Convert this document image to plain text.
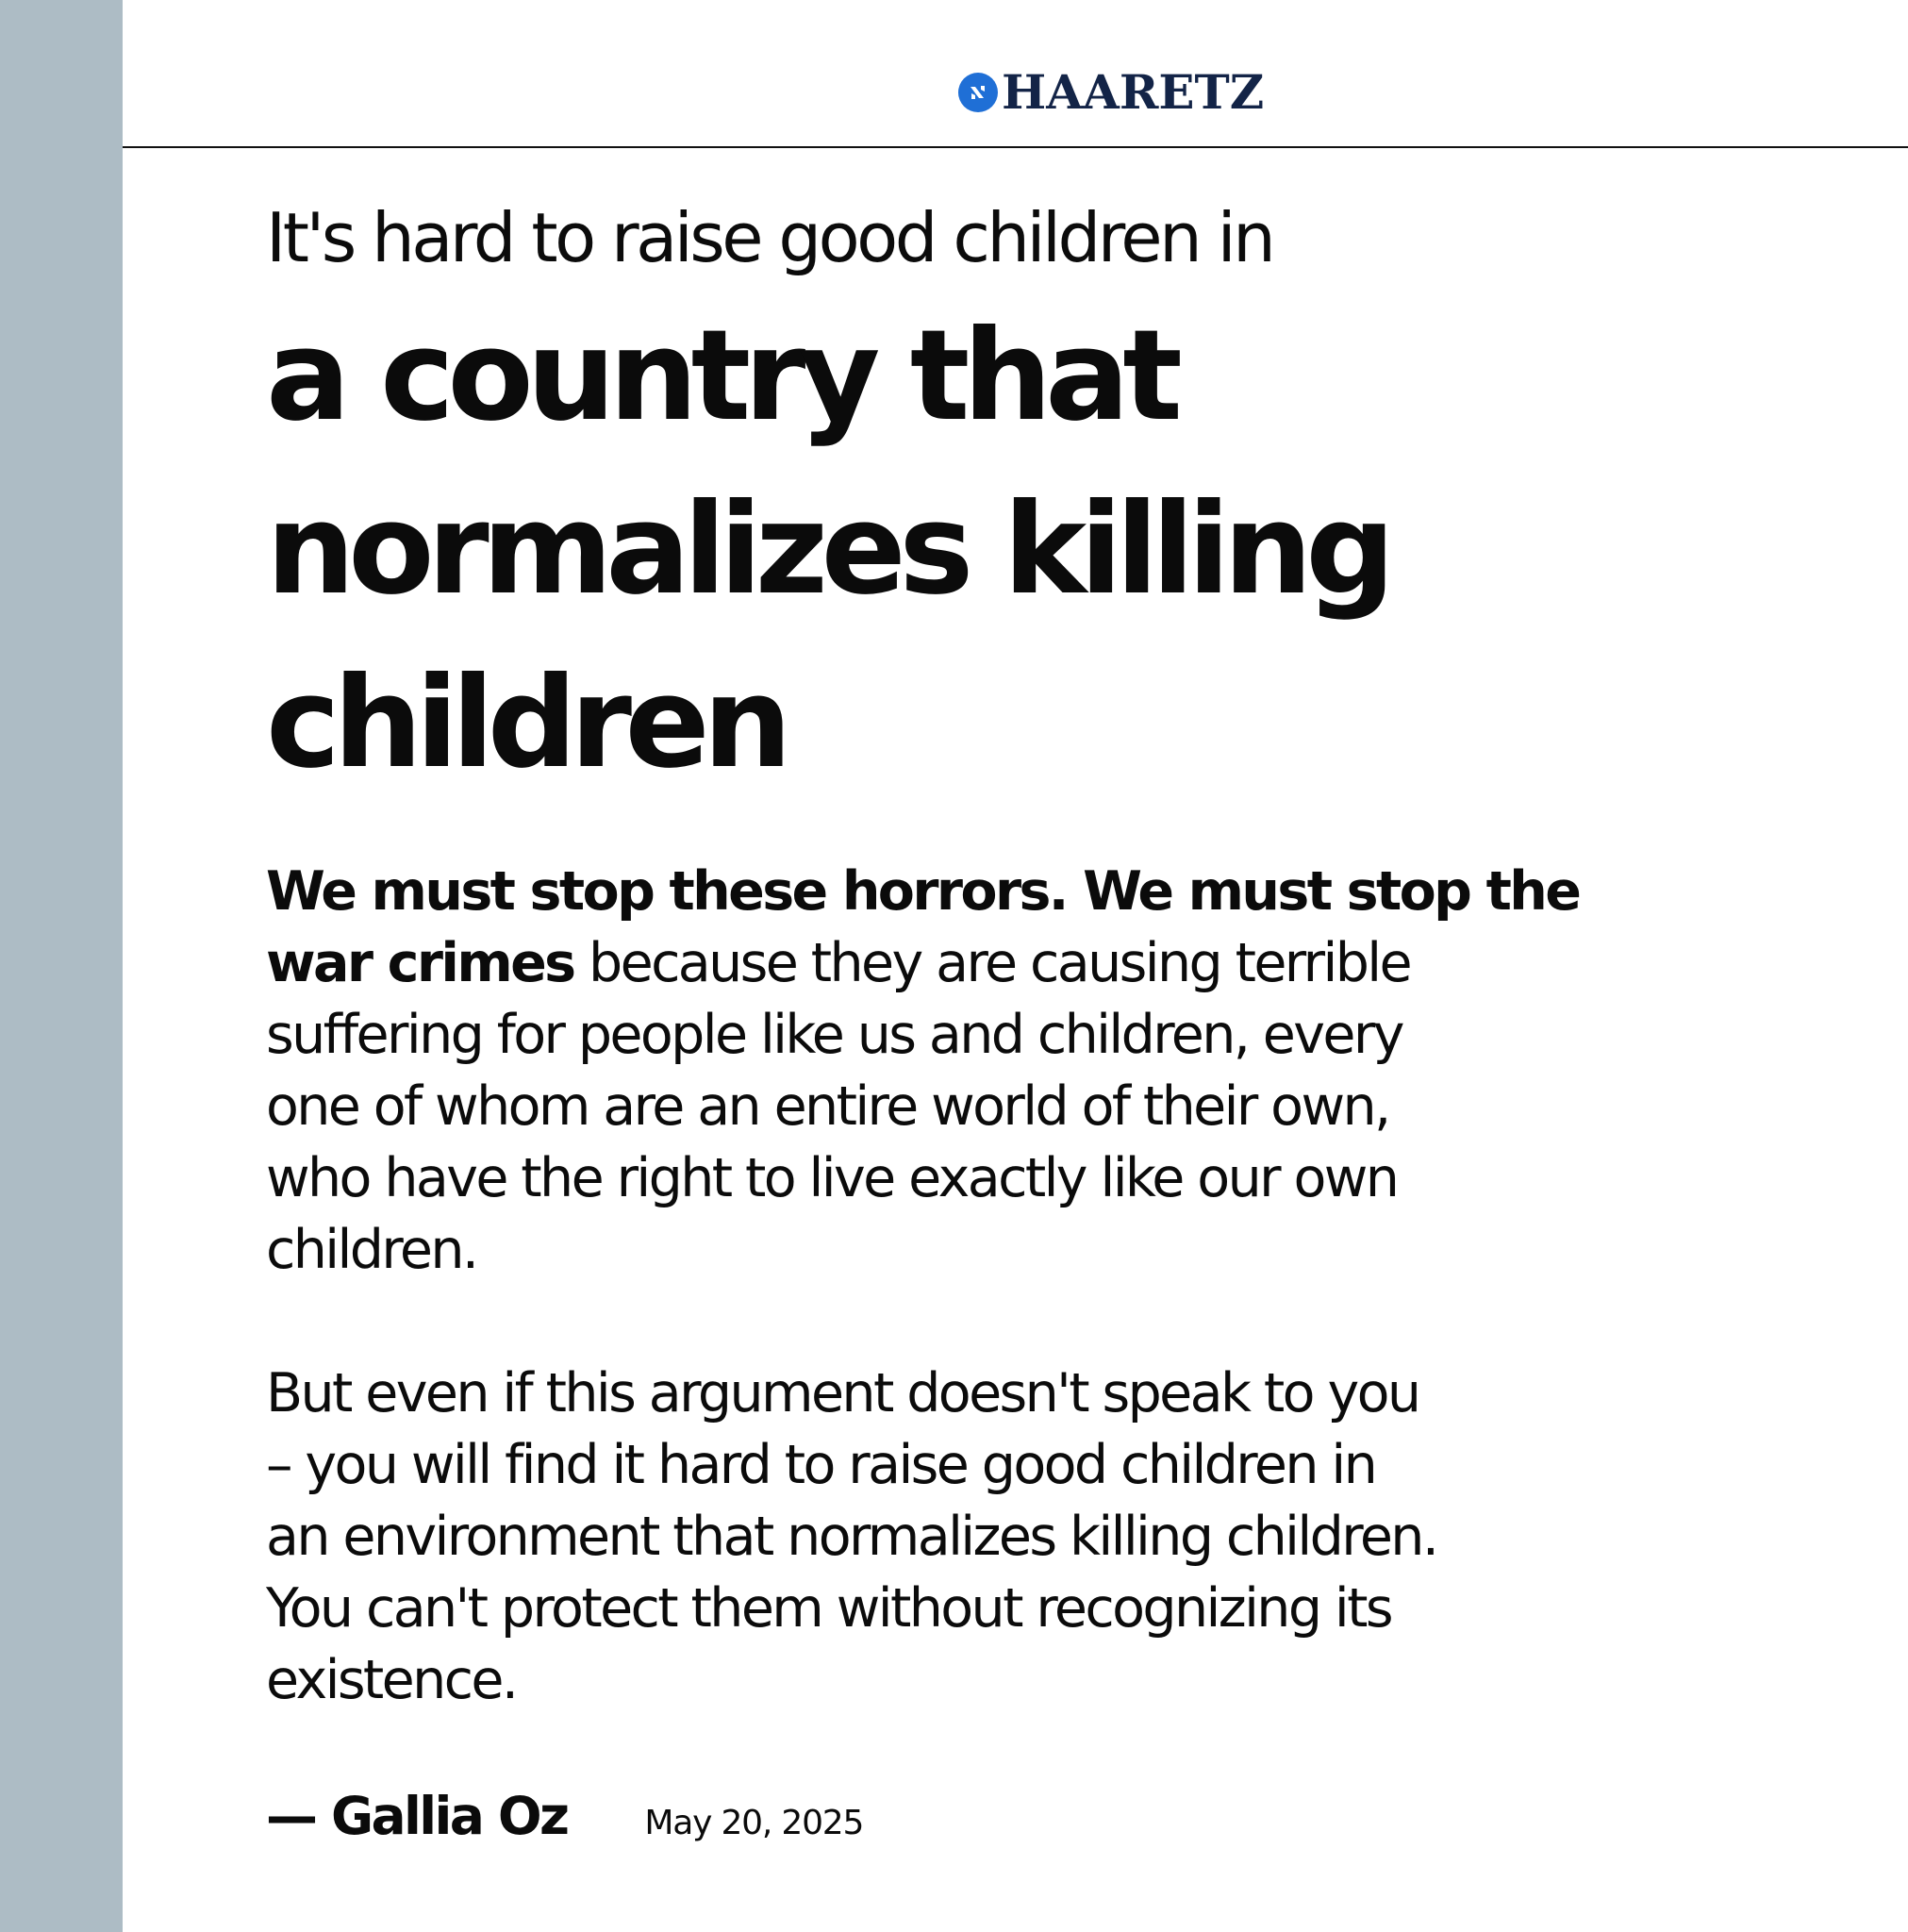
HAARETZ
It's hard to raise good children in
a country that
normalizes killing
children

We must stop these horrors. We must stop the
war crimes because they are causing terrible
suffering for people like us and children, every
one of whom are an entire world of their own,
who have the right to live exactly like our own
children.

But even if this argument doesn't speak to you
– you will find it hard to raise good children in
an environment that normalizes killing children.
You can't protect them without recognizing its
existence.

— Gallia Oz May 20, 2025
